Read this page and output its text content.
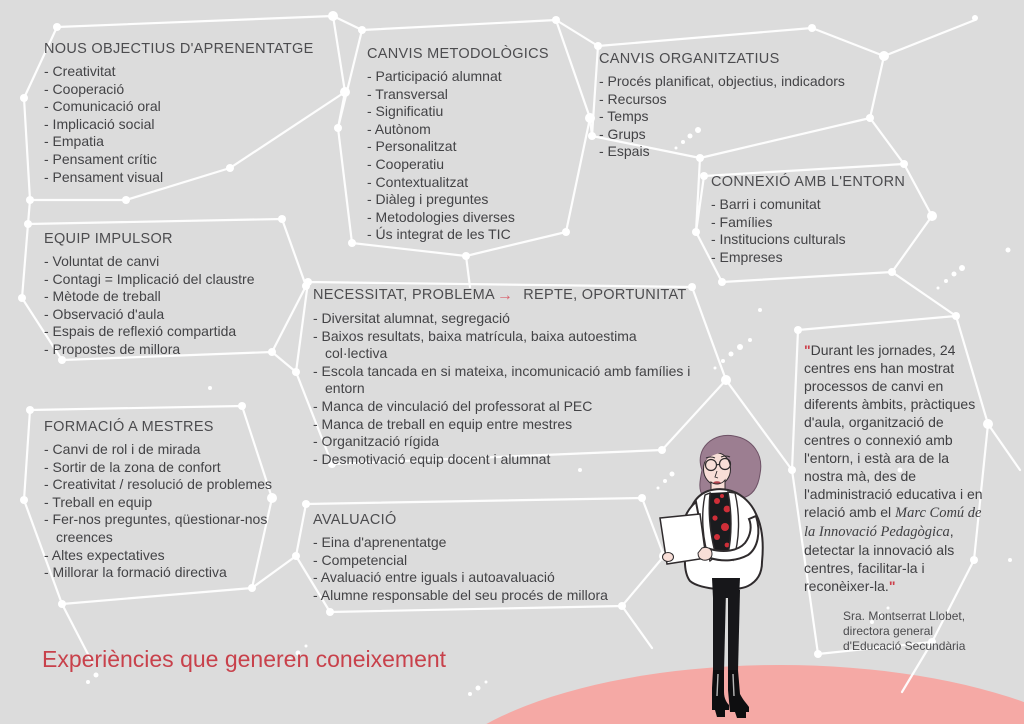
NOUS OBJECTIUS D'APRENENTATGE
- Creativitat
- Cooperació
- Comunicació oral
- Implicació social
- Empatia
- Pensament crític
- Pensament visual
CANVIS METODOLÒGICS
- Participació alumnat
- Transversal
- Significatiu
- Autònom
- Personalitzat
- Cooperatiu
- Contextualitzat
- Diàleg i preguntes
- Metodologies diverses
- Ús integrat de les TIC
CANVIS ORGANITZATIUS
- Procés planificat, objectius, indicadors
- Recursos
- Temps
- Grups
- Espais
CONNEXIÓ AMB L'ENTORN
- Barri i comunitat
- Famílies
- Institucions culturals
- Empreses
EQUIP IMPULSOR
- Voluntat de canvi
- Contagi = Implicació del claustre
- Mètode de treball
- Observació d'aula
- Espais de reflexió compartida
- Propostes de millora
NECESSITAT, PROBLEMA → REPTE, OPORTUNITAT
- Diversitat alumnat, segregació
- Baixos resultats, baixa matrícula, baixa autoestima col·lectiva
- Escola tancada en si mateixa, incomunicació amb famílies i entorn
- Manca de vinculació del professorat al PEC
- Manca de treball en equip entre mestres
- Organització rígida
- Desmotivació equip docent i alumnat
FORMACIÓ A MESTRES
- Canvi de rol i de mirada
- Sortir de la zona de confort
- Creativitat / resolució de problemes
- Treball en equip
- Fer-nos preguntes, qüestionar-nos creences
- Altes expectatives
- Millorar la formació directiva
AVALUACIÓ
- Eina d'aprenentatge
- Competencial
- Avaluació entre iguals i autoavaluació
- Alumne responsable del seu procés de millora

"Durant les jornades, 24 centres ens han mostrat processos de canvi en diferents àmbits, pràctiques d'aula, organització de centres o connexió amb l'entorn, i està ara de la nostra mà, des de l'administració educativa i en relació amb el Marc Comú de la Innovació Pedagògica, detectar la innovació als centres, facilitar-la i reconèixer-la."

Sra. Montserrat Llobet,
directora general
d'Educació Secundària
Experiències que generen coneixement
